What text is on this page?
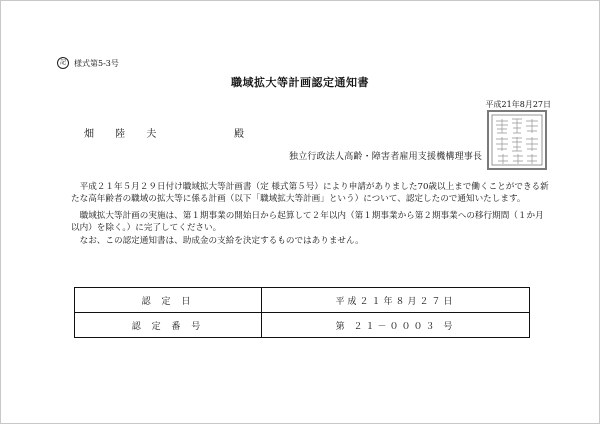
記	様式第5-3号
職域拡大等計画認定通知書
平成21年8月27日
畑 陸 夫	殿
独立行政法人高齢・障害者雇用支援機構理事長

　平成２１年５月２９日付け職域拡大等計画書（定 様式第５号）により申請がありました70歳以上まで働くことができる新たな高年齢者の職域の拡大等に係る計画（以下「職域拡大等計画」という）について、認定したので通知いたします。

　職域拡大等計画の実施は、第１期事業の開始日から起算して２年以内（第１期事業から第２期事業への移行期間（１か月以内）を除く。）に完了してください。

　なお、この認定通知書は、助成金の支給を決定するものではありません。

認 定 日	平成２１年８月２７日
認 定 番 号	第 ２１－０００３ 号
